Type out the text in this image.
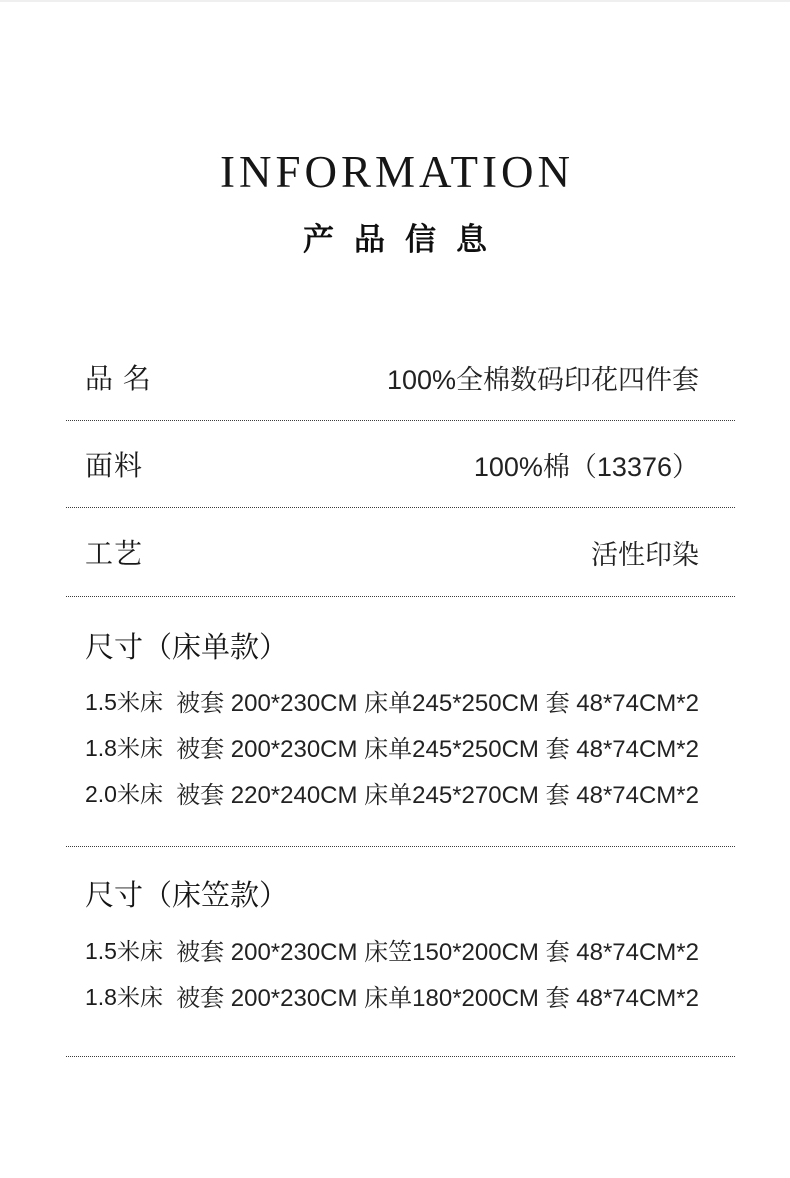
INFORMATION
产品信息
品 名	100%全棉数码印花四件套
面料	100%棉（13376）
工艺	活性印染
尺寸（床单款）
1.5米床 被套 200*230CM 床单245*250CM 套 48*74CM*2
1.8米床 被套 200*230CM 床单245*250CM 套 48*74CM*2
2.0米床 被套 220*240CM 床单245*270CM 套 48*74CM*2
尺寸（床笠款）
1.5米床 被套 200*230CM 床笠150*200CM 套 48*74CM*2
1.8米床 被套 200*230CM 床单180*200CM 套 48*74CM*2
